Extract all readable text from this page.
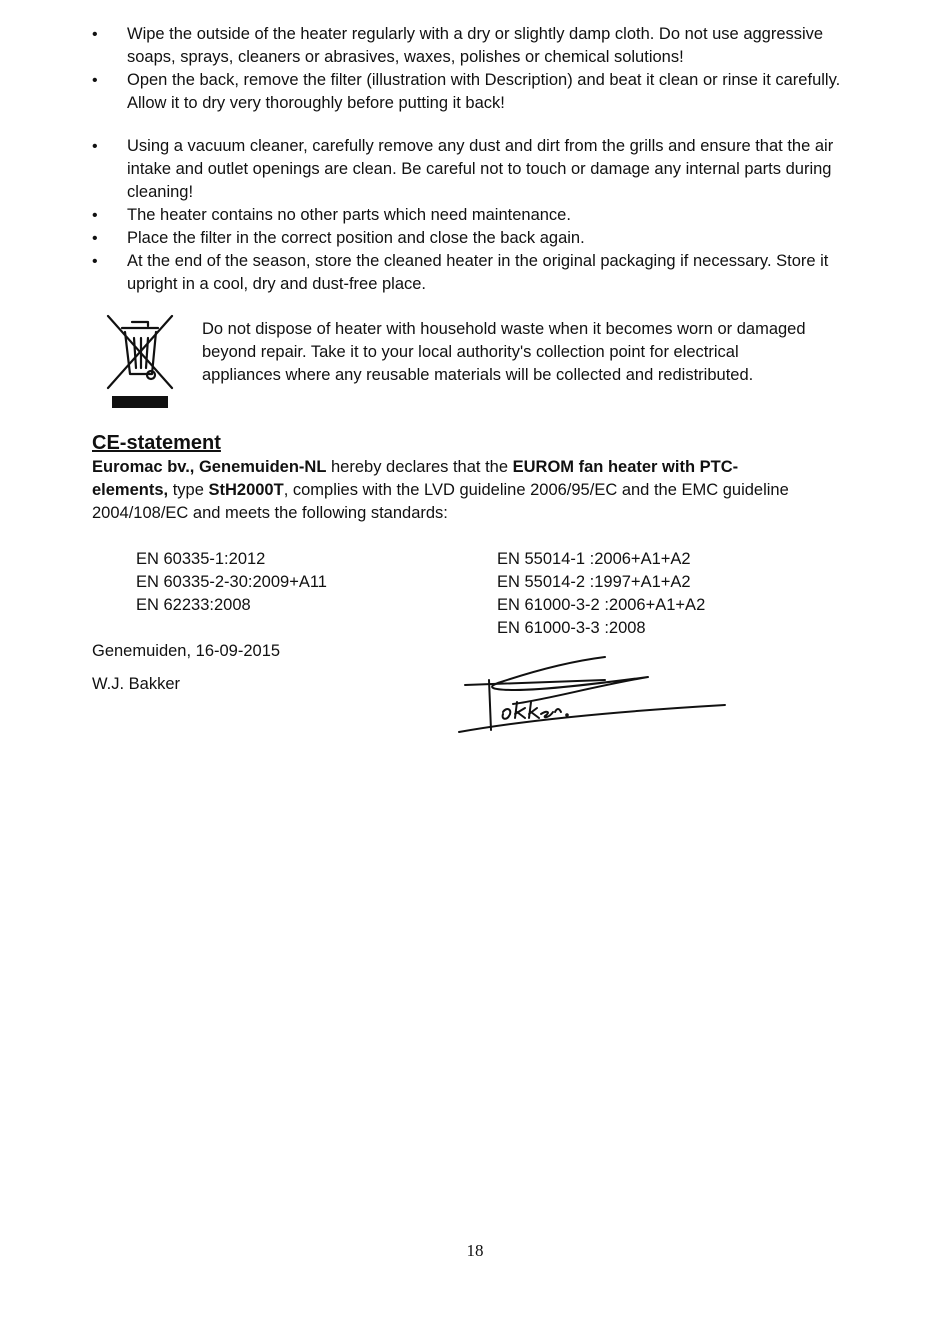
• Wipe the outside of the heater regularly with a dry or slightly damp cloth. Do not use aggressive soaps, sprays, cleaners or abrasives, waxes, polishes or chemical solutions!
• Open the back, remove the filter (illustration with Description) and beat it clean or rinse it carefully. Allow it to dry very thoroughly before putting it back!
• Using a vacuum cleaner, carefully remove any dust and dirt from the grills and ensure that the air intake and outlet openings are clean. Be careful not to touch or damage any internal parts during cleaning!
• The heater contains no other parts which need maintenance.
• Place the filter in the correct position and close the back again.
• At the end of the season, store the cleaned heater in the original packaging if necessary. Store it upright in a cool, dry and dust-free place.
Do not dispose of heater with household waste when it becomes worn or damaged beyond repair. Take it to your local authority's collection point for electrical appliances where any reusable materials will be collected and redistributed.
CE-statement
Euromac bv., Genemuiden-NL hereby declares that the EUROM fan heater with PTC-elements, type StH2000T, complies with the LVD guideline 2006/95/EC and the EMC guideline 2004/108/EC and meets the following standards:
EN 60335-1:2012
EN 60335-2-30:2009+A11
EN 62233:2008
EN 55014-1 :2006+A1+A2
EN 55014-2 :1997+A1+A2
EN 61000-3-2 :2006+A1+A2
EN 61000-3-3 :2008
Genemuiden, 16-09-2015
W.J. Bakker
18
